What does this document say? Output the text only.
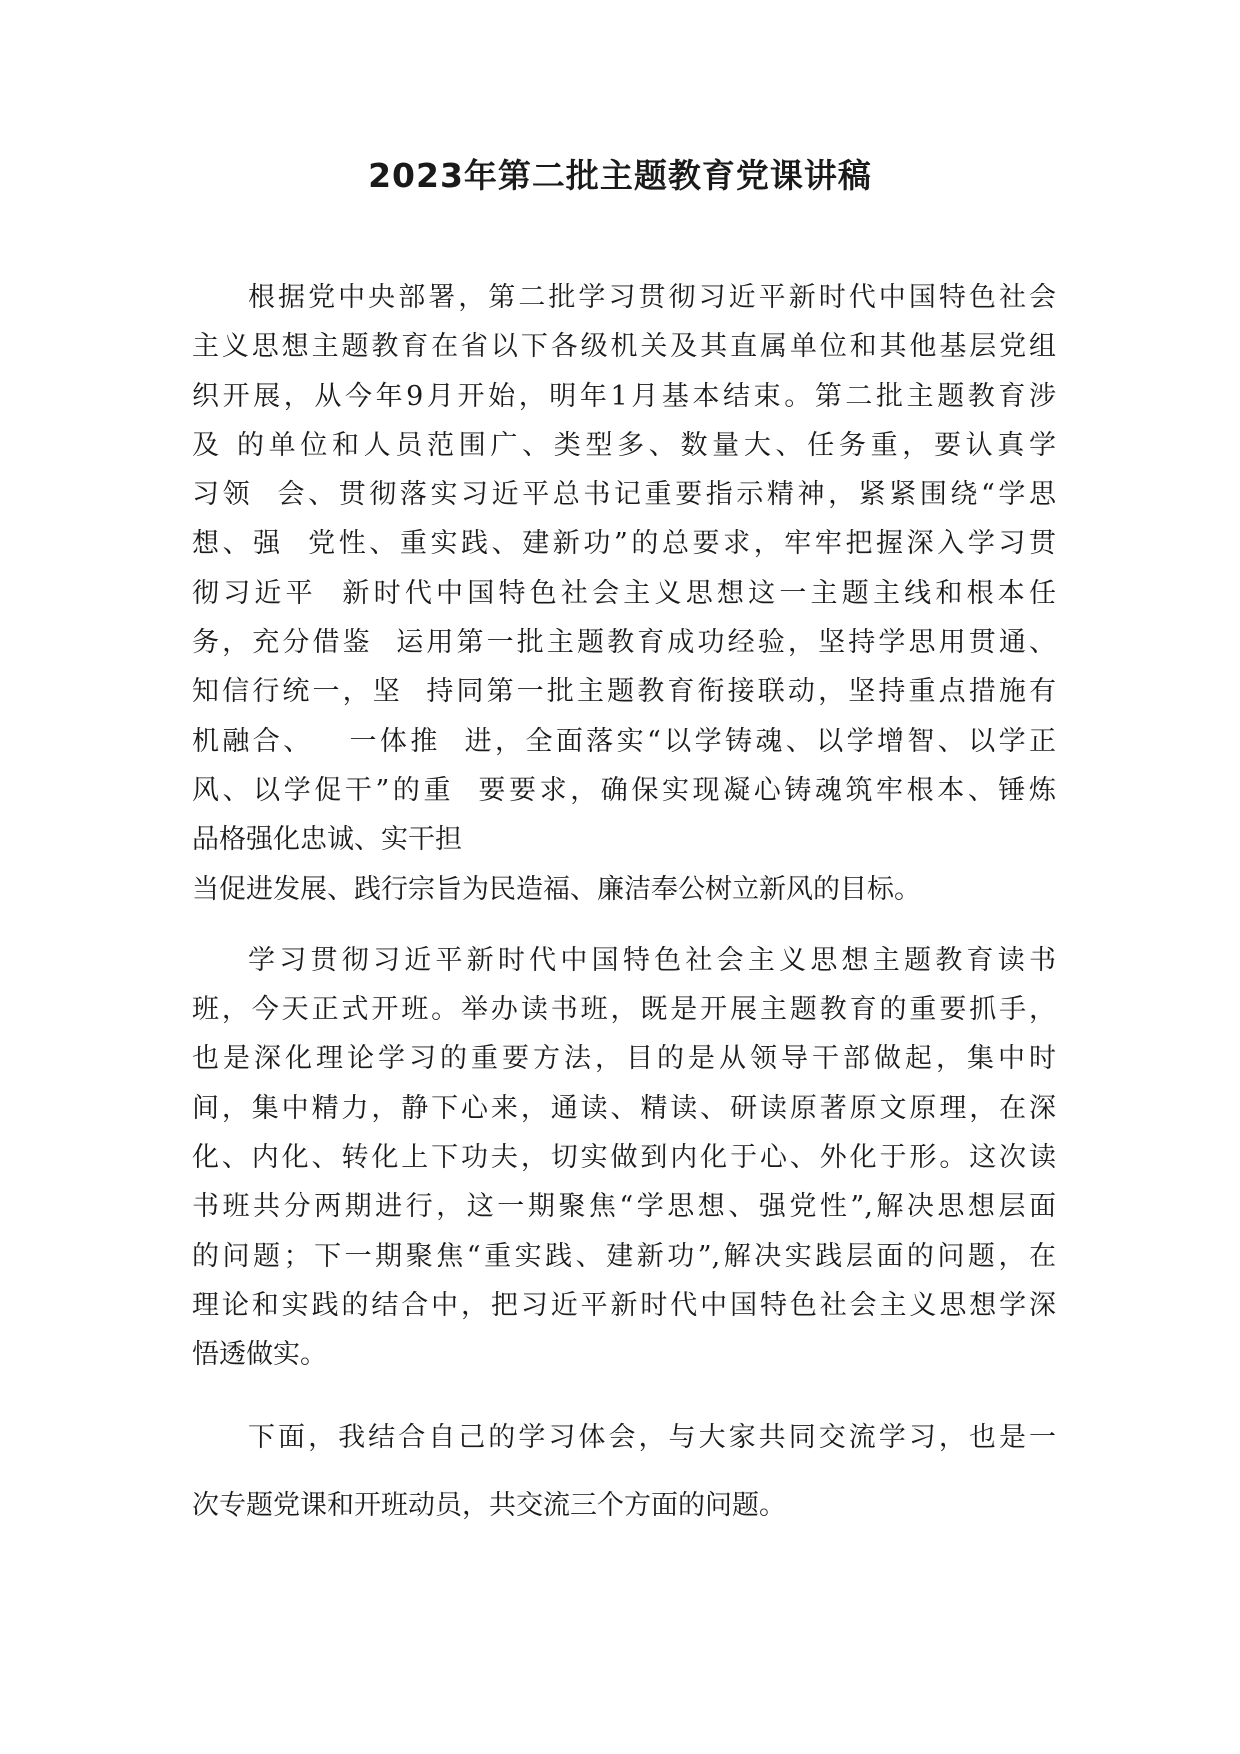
2023年第二批主题教育党课讲稿
根据党中央部署，第二批学习贯彻习近平新时代中国特色社会
主义思想主题教育在省以下各级机关及其直属单位和其他基层党组
织开展，从今年9月开始，明年1月基本结束。第二批主题教育涉
及 的单位和人员范围广、类型多、数量大、任务重，要认真学
习领  会、贯彻落实习近平总书记重要指示精神，紧紧围绕“学思
想、强  党性、重实践、建新功”的总要求，牢牢把握深入学习贯
彻习近平  新时代中国特色社会主义思想这一主题主线和根本任
务，充分借鉴  运用第一批主题教育成功经验，坚持学思用贯通、
知信行统一，坚  持同第一批主题教育衔接联动，坚持重点措施有
机融合、   一体推  进，全面落实“以学铸魂、以学增智、以学正
风、以学促干”的重  要要求，确保实现凝心铸魂筑牢根本、锤炼
品格强化忠诚、实干担
当促进发展、践行宗旨为民造福、廉洁奉公树立新风的目标。
学习贯彻习近平新时代中国特色社会主义思想主题教育读书
班，今天正式开班。举办读书班，既是开展主题教育的重要抓手，
也是深化理论学习的重要方法，目的是从领导干部做起，集中时
间，集中精力，静下心来，通读、精读、研读原著原文原理，在深
化、内化、转化上下功夫，切实做到内化于心、外化于形。这次读
书班共分两期进行，这一期聚焦“学思想、强党性”,解决思想层面
的问题；下一期聚焦“重实践、建新功”,解决实践层面的问题，在
理论和实践的结合中，把习近平新时代中国特色社会主义思想学深
悟透做实。
下面，我结合自己的学习体会，与大家共同交流学习，也是一
次专题党课和开班动员，共交流三个方面的问题。
